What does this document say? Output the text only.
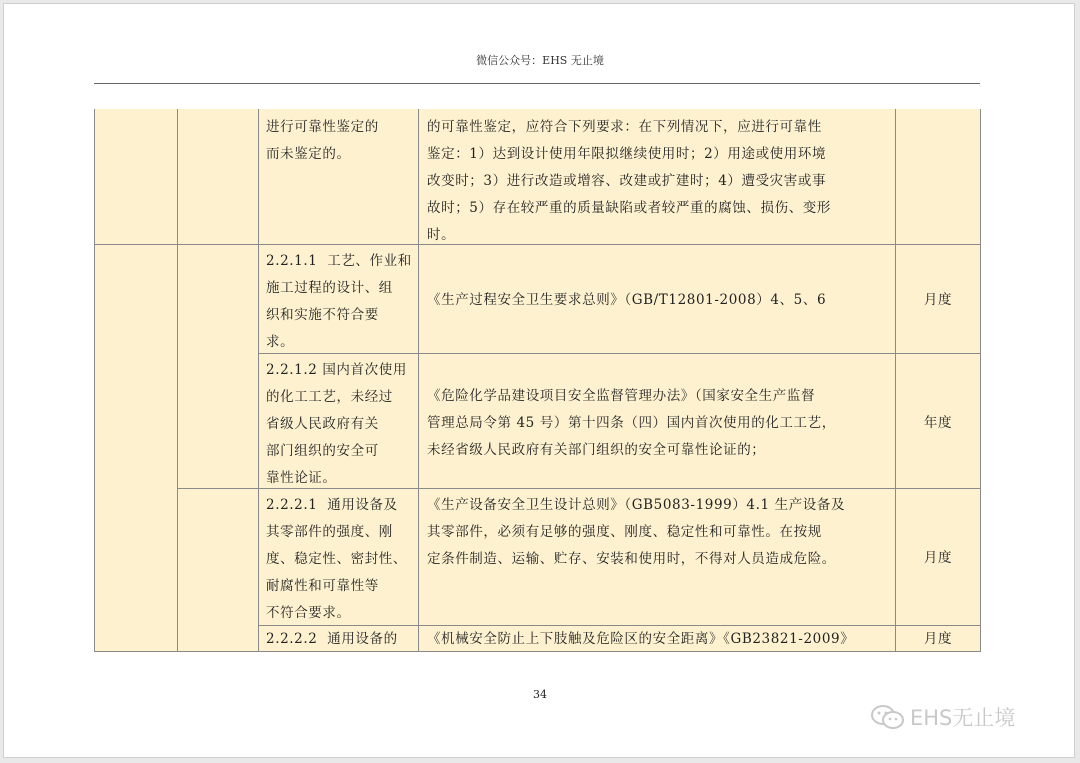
微信公众号：EHS 无止境
进行可靠性鉴定的
而未鉴定的。
的可靠性鉴定，应符合下列要求：在下列情况下，应进行可靠性
鉴定：1）达到设计使用年限拟继续使用时；2）用途或使用环境
改变时；3）进行改造或增容、改建或扩建时；4）遭受灾害或事
故时；5）存在较严重的质量缺陷或者较严重的腐蚀、损伤、变形
时。
2.2.1.1  工艺、作业和
施工过程的设计、组
织和实施不符合要
求。
《生产过程安全卫生要求总则》（GB/T12801-2008）4、5、6	月度
2.2.1.2 国内首次使用
的化工工艺，未经过
省级人民政府有关
部门组织的安全可
靠性论证。
《危险化学品建设项目安全监督管理办法》（国家安全生产监督
管理总局令第 45 号）第十四条（四）国内首次使用的化工工艺，
未经省级人民政府有关部门组织的安全可靠性论证的；
年度
2.2.2.1  通用设备及
其零部件的强度、刚
度、稳定性、密封性、
耐腐性和可靠性等
不符合要求。
《生产设备安全卫生设计总则》（GB5083-1999）4.1 生产设备及
其零部件，必须有足够的强度、刚度、稳定性和可靠性。在按规
定条件制造、运输、贮存、安装和使用时，不得对人员造成危险。	月度
2.2.2.2  通用设备的 《机械安全防止上下肢触及危险区的安全距离》《GB23821-2009》	月度
34
EHS无止境
